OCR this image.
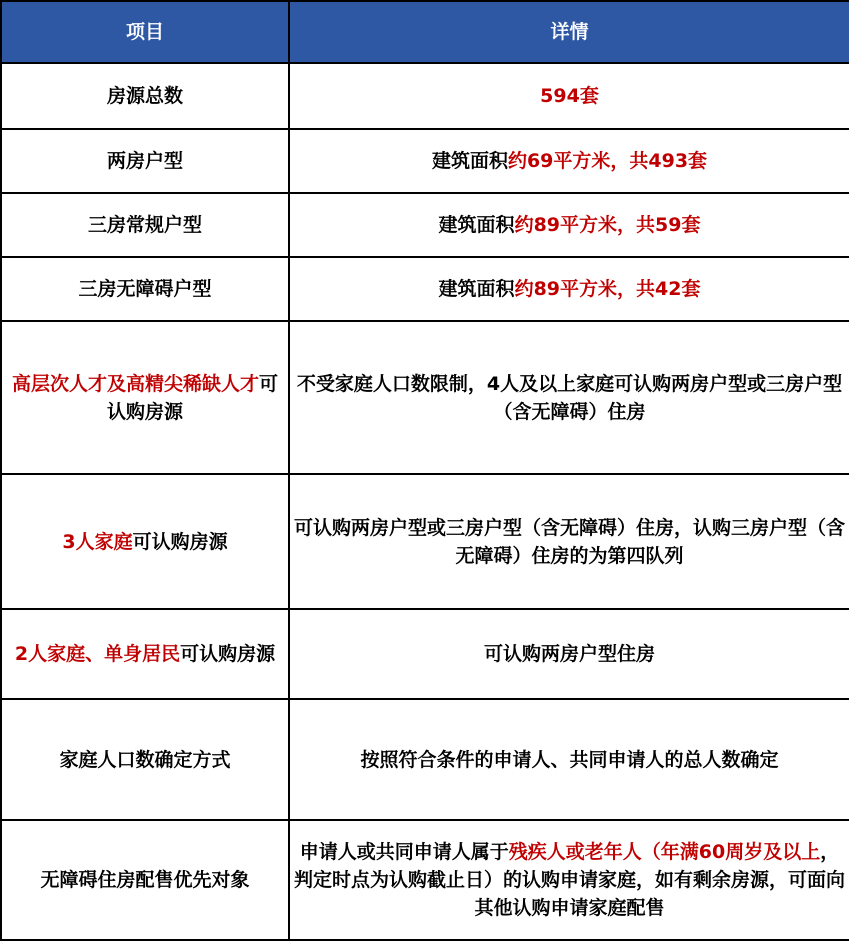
项目	详情
房源总数	594套
两房户型	建筑面积约69平方米，共493套
三房常规户型	建筑面积约89平方米，共59套
三房无障碍户型	建筑面积约89平方米，共42套
高层次人才及高精尖稀缺人才可认购房源	不受家庭人口数限制，4人及以上家庭可认购两房户型或三房户型（含无障碍）住房
3人家庭可认购房源	可认购两房户型或三房户型（含无障碍）住房，认购三房户型（含无障碍）住房的为第四队列
2人家庭、单身居民可认购房源	可认购两房户型住房
家庭人口数确定方式	按照符合条件的申请人、共同申请人的总人数确定
无障碍住房配售优先对象	申请人或共同申请人属于残疾人或老年人（年满60周岁及以上，判定时点为认购截止日）的认购申请家庭，如有剩余房源，可面向其他认购申请家庭配售
